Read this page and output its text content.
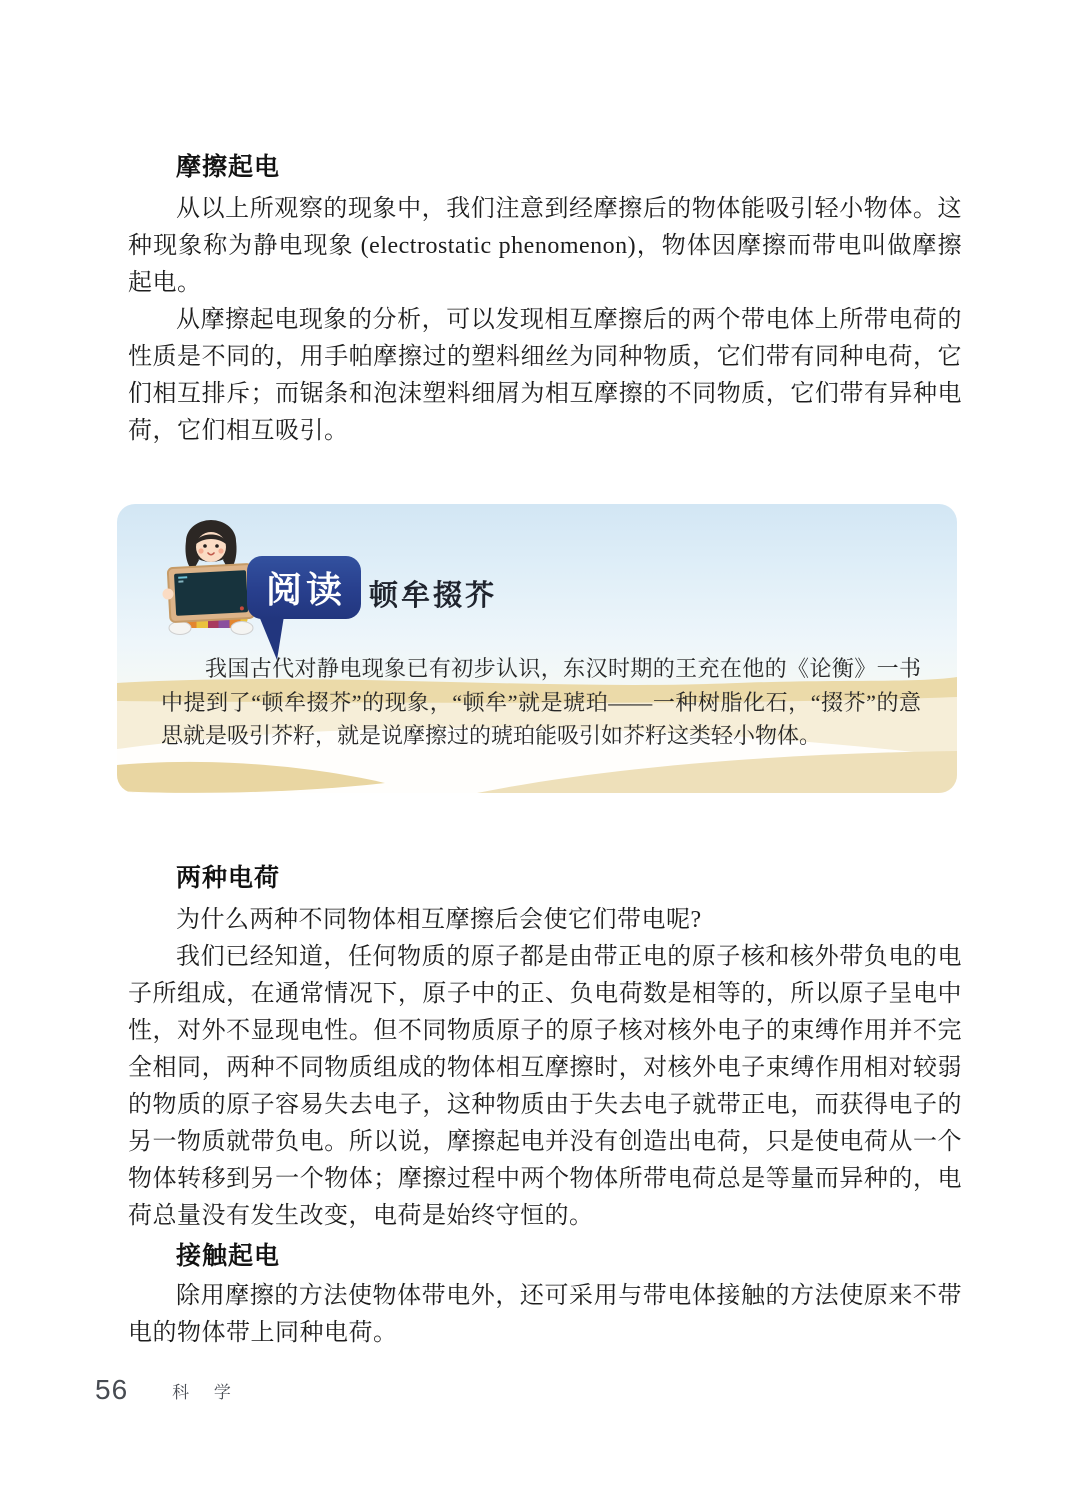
摩擦起电

从以上所观察的现象中，我们注意到经摩擦后的物体能吸引轻小物体。这种现象称为静电现象 (electrostatic phenomenon)，物体因摩擦而带电叫做摩擦起电。

从摩擦起电现象的分析，可以发现相互摩擦后的两个带电体上所带电荷的性质是不同的，用手帕摩擦过的塑料细丝为同种物质，它们带有同种电荷，它们相互排斥；而锯条和泡沫塑料细屑为相互摩擦的不同物质，它们带有异种电荷，它们相互吸引。

阅读 顿牟掇芥

我国古代对静电现象已有初步认识，东汉时期的王充在他的《论衡》一书中提到了“顿牟掇芥”的现象，“顿牟”就是琥珀——一种树脂化石，“掇芥”的意思就是吸引芥籽，就是说摩擦过的琥珀能吸引如芥籽这类轻小物体。

两种电荷

为什么两种不同物体相互摩擦后会使它们带电呢?

我们已经知道，任何物质的原子都是由带正电的原子核和核外带负电的电子所组成，在通常情况下，原子中的正、负电荷数是相等的，所以原子呈电中性，对外不显现电性。但不同物质原子的原子核对核外电子的束缚作用并不完全相同，两种不同物质组成的物体相互摩擦时，对核外电子束缚作用相对较弱的物质的原子容易失去电子，这种物质由于失去电子就带正电，而获得电子的另一物质就带负电。所以说，摩擦起电并没有创造出电荷，只是使电荷从一个物体转移到另一个物体；摩擦过程中两个物体所带电荷总是等量而异种的，电荷总量没有发生改变，电荷是始终守恒的。

接触起电

除用摩擦的方法使物体带电外，还可采用与带电体接触的方法使原来不带电的物体带上同种电荷。

56	科 学
